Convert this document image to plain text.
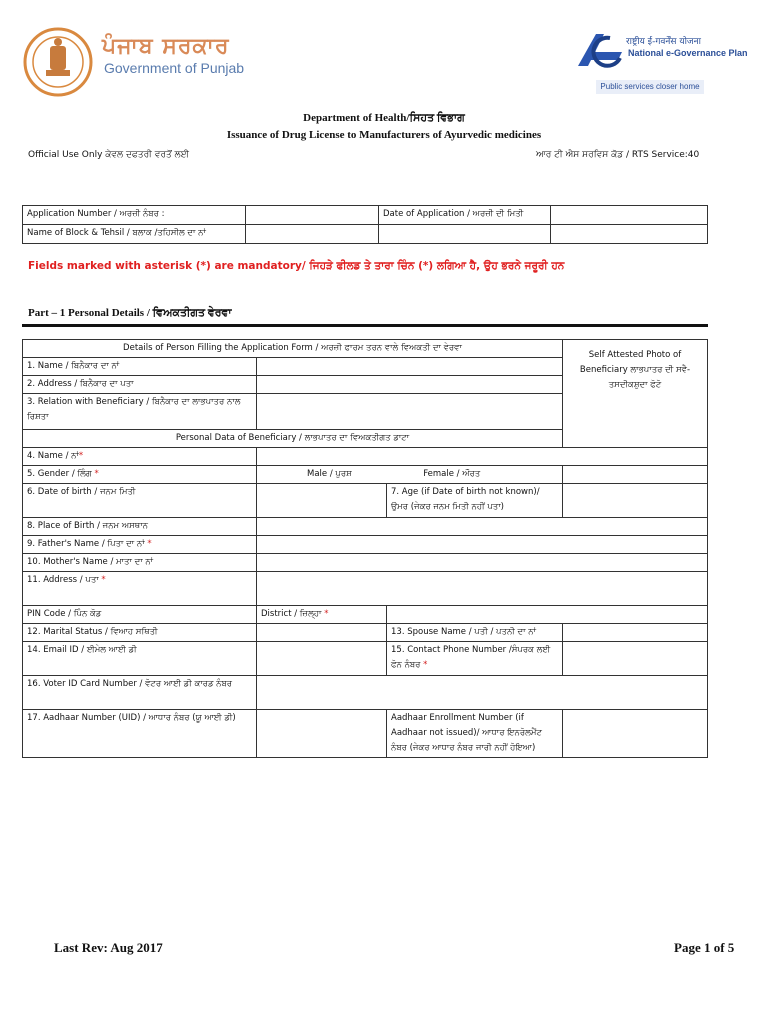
ਪੰਜਾਬ ਸਰਕਾਰ
Government of Punjab
राष्ट्रीय ई-गवर्नेंस योजना
National e-Governance Plan
Public services closer home
Department of Health/ਸਿਹਤ ਵਿਭਾਗ
Issuance of Drug License to Manufacturers of Ayurvedic medicines
Official Use Only ਕੇਵਲ ਦਫਤਰੀ ਵਰਤੋਂ ਲਈ	ਆਰ ਟੀ ਐਸ ਸਰਵਿਸ ਕੋਡ / RTS Service:40
Application Number / ਅਰਜ਼ੀ ਨੰਬਰ :		Date of Application / ਅਰਜ਼ੀ ਦੀ ਮਿਤੀ	
Name of Block & Tehsil / ਬਲਾਕ /ਤਹਿਸੀਲ ਦਾ ਨਾਂ			
Fields marked with asterisk (*) are mandatory/ ਜਿਹੜੇ ਫੀਲਡ ਤੇ ਤਾਰਾ ਚਿੰਨ (*) ਲਗਿਆ ਹੈ, ਉਹ ਭਰਨੇ ਜਰੂਰੀ ਹਨ
Part – 1 Personal Details / ਵਿਅਕਤੀਗਤ ਵੇਰਵਾ
Details of Person Filling the Application Form / ਅਰਜ਼ੀ ਫਾਰਮ ਤਰਨ ਵਾਲੇ ਵਿਅਕਤੀ ਦਾ ਵੇਰਵਾ			Self Attested Photo of Beneficiary ਲਾਭਪਾਤਰ ਦੀ ਸਵੈ-ਤਸਦੀਕਸ਼ੁਦਾ ਫੋਟੋ
1. Name / ਬਿਨੈਕਾਰ ਦਾ ਨਾਂ			
2. Address / ਬਿਨੈਕਾਰ ਦਾ ਪਤਾ			
3. Relation with Beneficiary / ਬਿਨੈਕਾਰ ਦਾ ਲਾਭਪਾਤਰ ਨਾਲ ਰਿਸ਼ਤਾ			
Personal Data of Beneficiary / ਲਾਭਪਾਤਰ ਦਾ ਵਿਅਕਤੀਗਤ ਡਾਟਾ			

4. Name / ਨਾਂ*			
5. Gender / ਲਿੰਗ *	Male / ਪੁਰਸ਼ Female / ਔਰਤ		
6. Date of birth / ਜਨਮ ਮਿਤੀ		7. Age (if Date of birth not known)/ ਉਮਰ (ਜੇਕਰ ਜਨਮ ਮਿਤੀ ਨਹੀਂ ਪਤਾ)	
8. Place of Birth / ਜਨਮ ਅਸਥਾਨ			
9. Father's Name / ਪਿਤਾ ਦਾ ਨਾਂ *			
10. Mother's Name / ਮਾਤਾ ਦਾ ਨਾਂ			
11. Address / ਪਤਾ *			
PIN Code / ਪਿੰਨ ਕੋਡ	District / ਜ਼ਿਲ੍ਹਾ *		
12. Marital Status / ਵਿਆਹ ਸਥਿਤੀ		13. Spouse Name / ਪਤੀ / ਪਤਨੀ ਦਾ ਨਾਂ	
14. Email ID / ਈਮੇਲ ਆਈ ਡੀ		15. Contact Phone Number /ਸੰਪਰਕ ਲਈ ਫੋਨ ਨੰਬਰ *	
16. Voter ID Card Number / ਵੋਟਰ ਆਈ ਡੀ ਕਾਰਡ ਨੰਬਰ			
17. Aadhaar Number (UID) / ਆਧਾਰ ਨੰਬਰ (ਯੂ ਆਈ ਡੀ)		Aadhaar Enrollment Number (if Aadhaar not issued)/ ਆਧਾਰ ਇਨਰੋਲਮੈਂਟ ਨੰਬਰ (ਜੇਕਰ ਆਧਾਰ ਨੰਬਰ ਜਾਰੀ ਨਹੀਂ ਹੋਇਆ)	
Last Rev: Aug 2017	Page 1 of 5
